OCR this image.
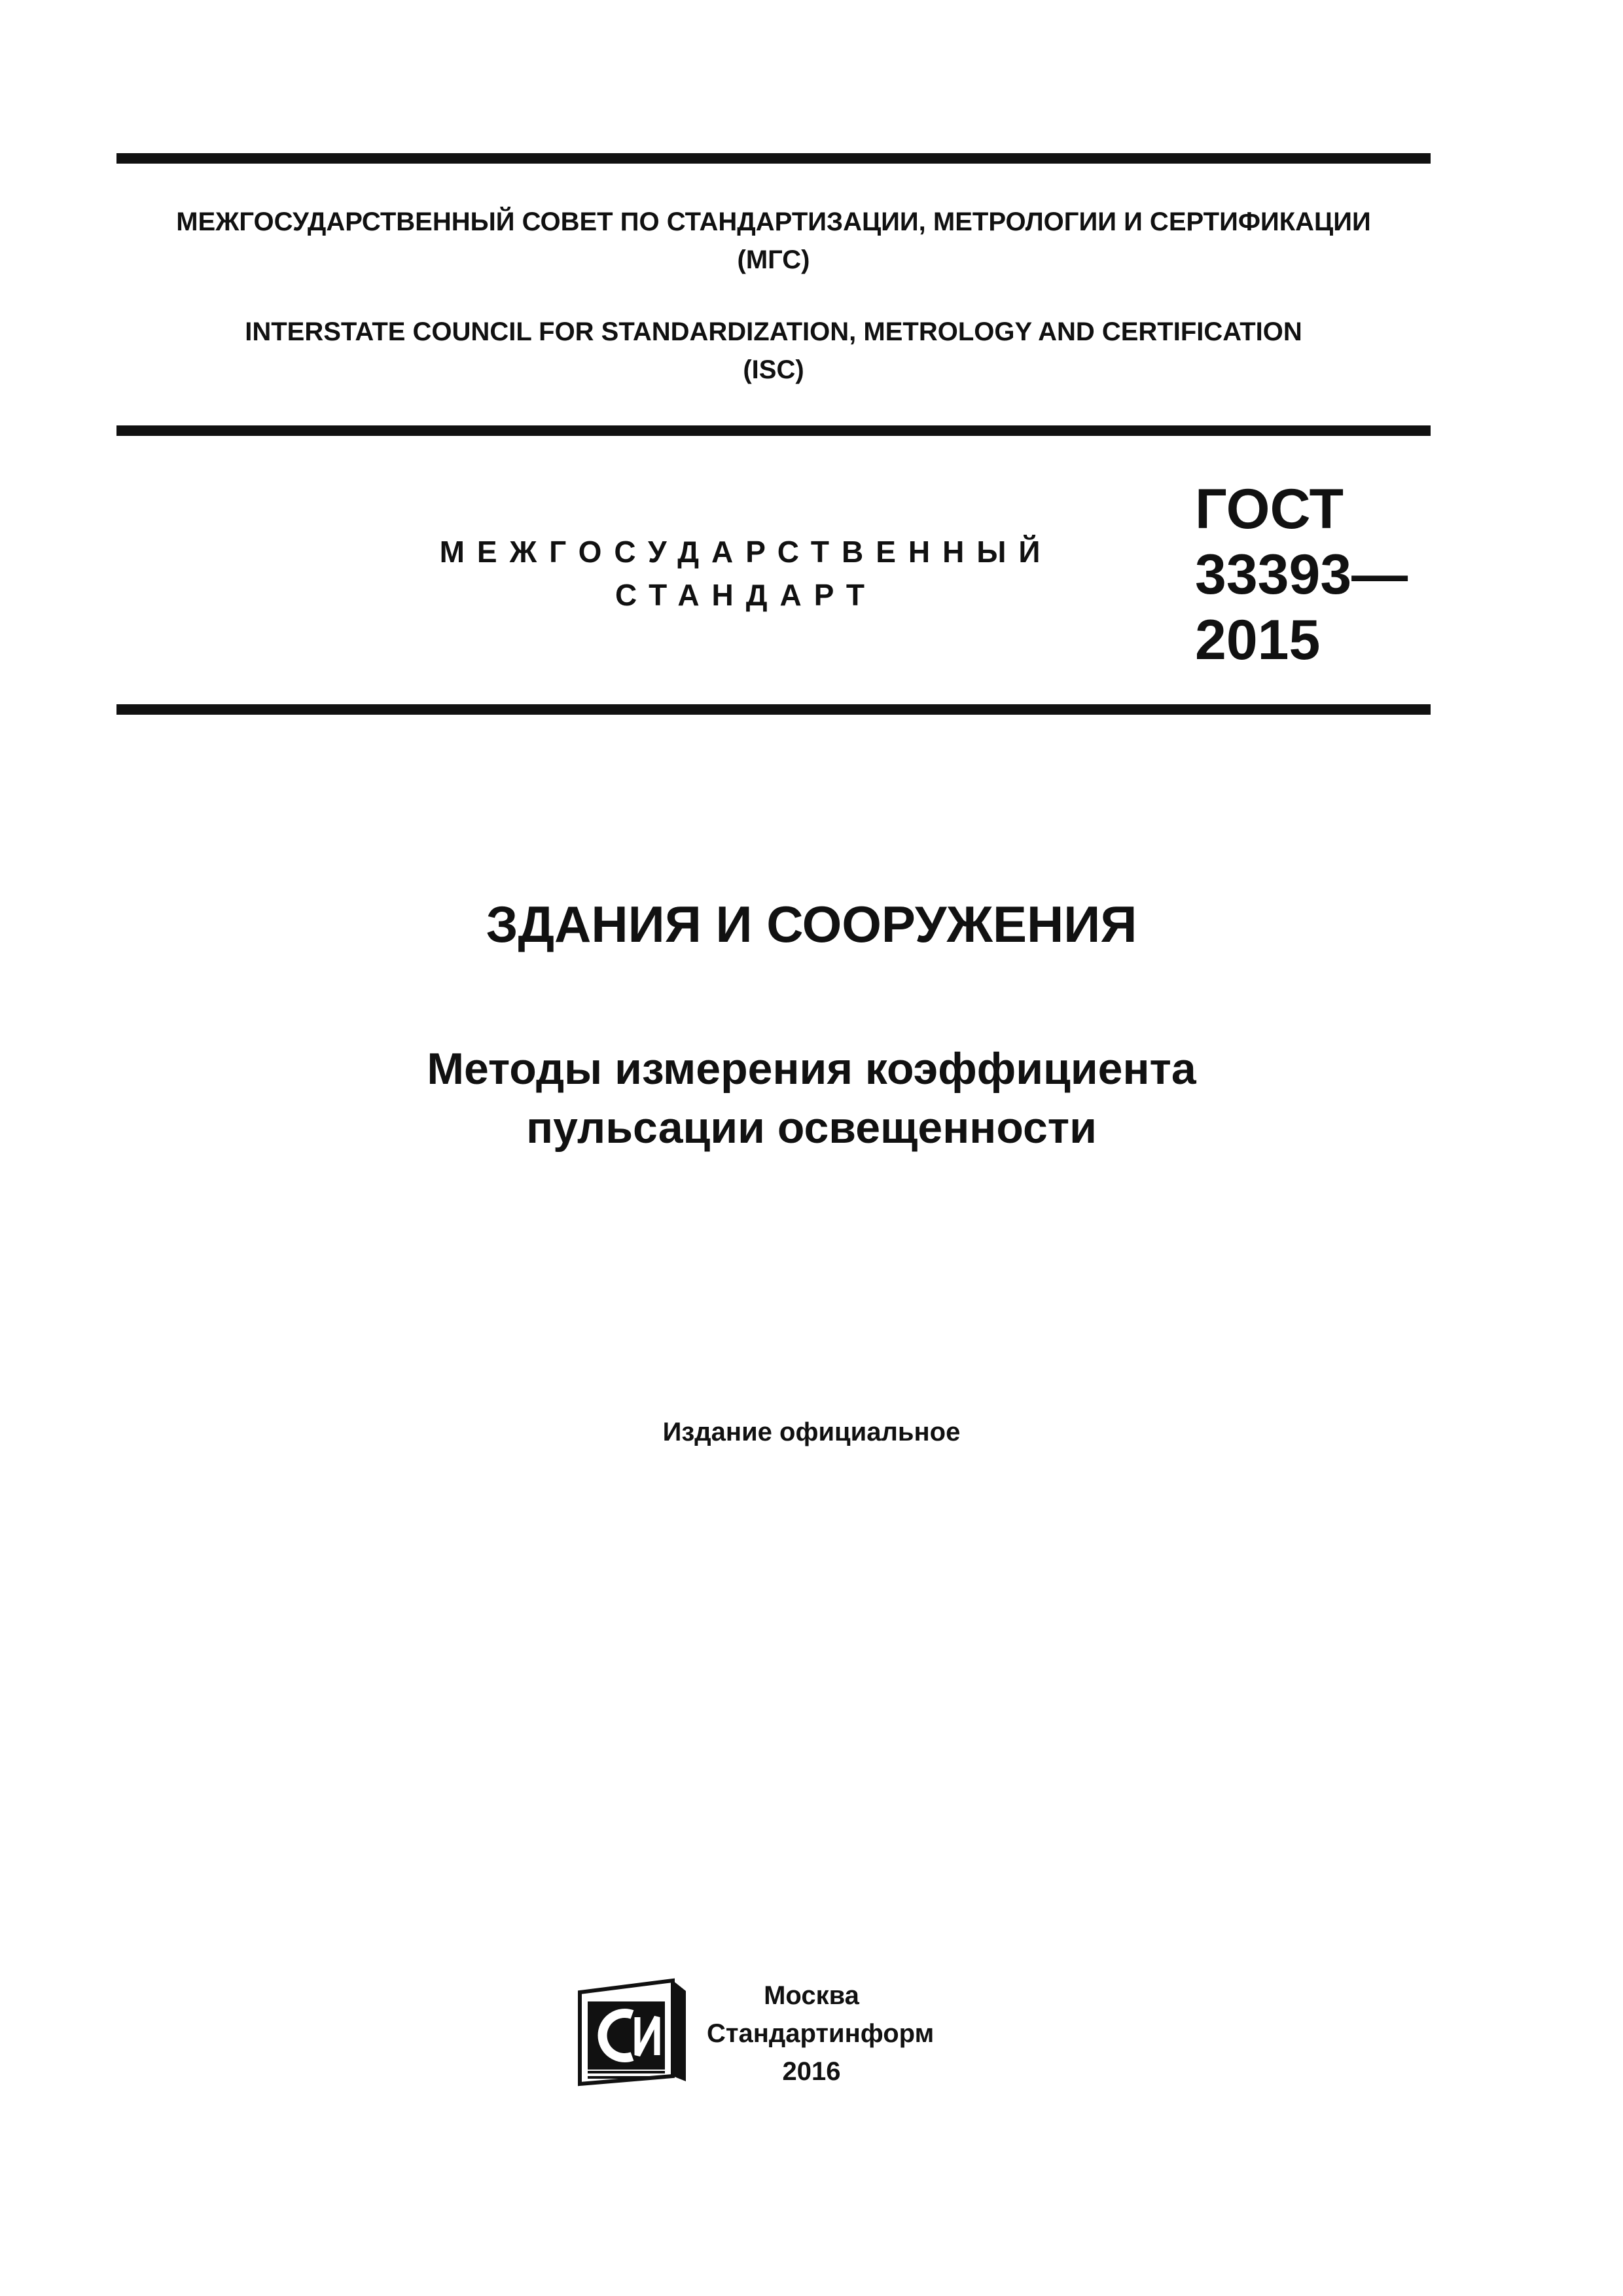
МЕЖГОСУДАРСТВЕННЫЙ СОВЕТ ПО СТАНДАРТИЗАЦИИ, МЕТРОЛОГИИ И СЕРТИФИКАЦИИ
(МГС)
INTERSTATE COUNCIL FOR STANDARDIZATION, METROLOGY AND CERTIFICATION
(ISC)
МЕЖГОСУДАРСТВЕННЫЙ
СТАНДАРТ
ГОСТ
33393—
2015
ЗДАНИЯ И СООРУЖЕНИЯ
Методы измерения коэффициента
пульсации освещенности
Издание официальное
Москва
Стандартинформ
2016
